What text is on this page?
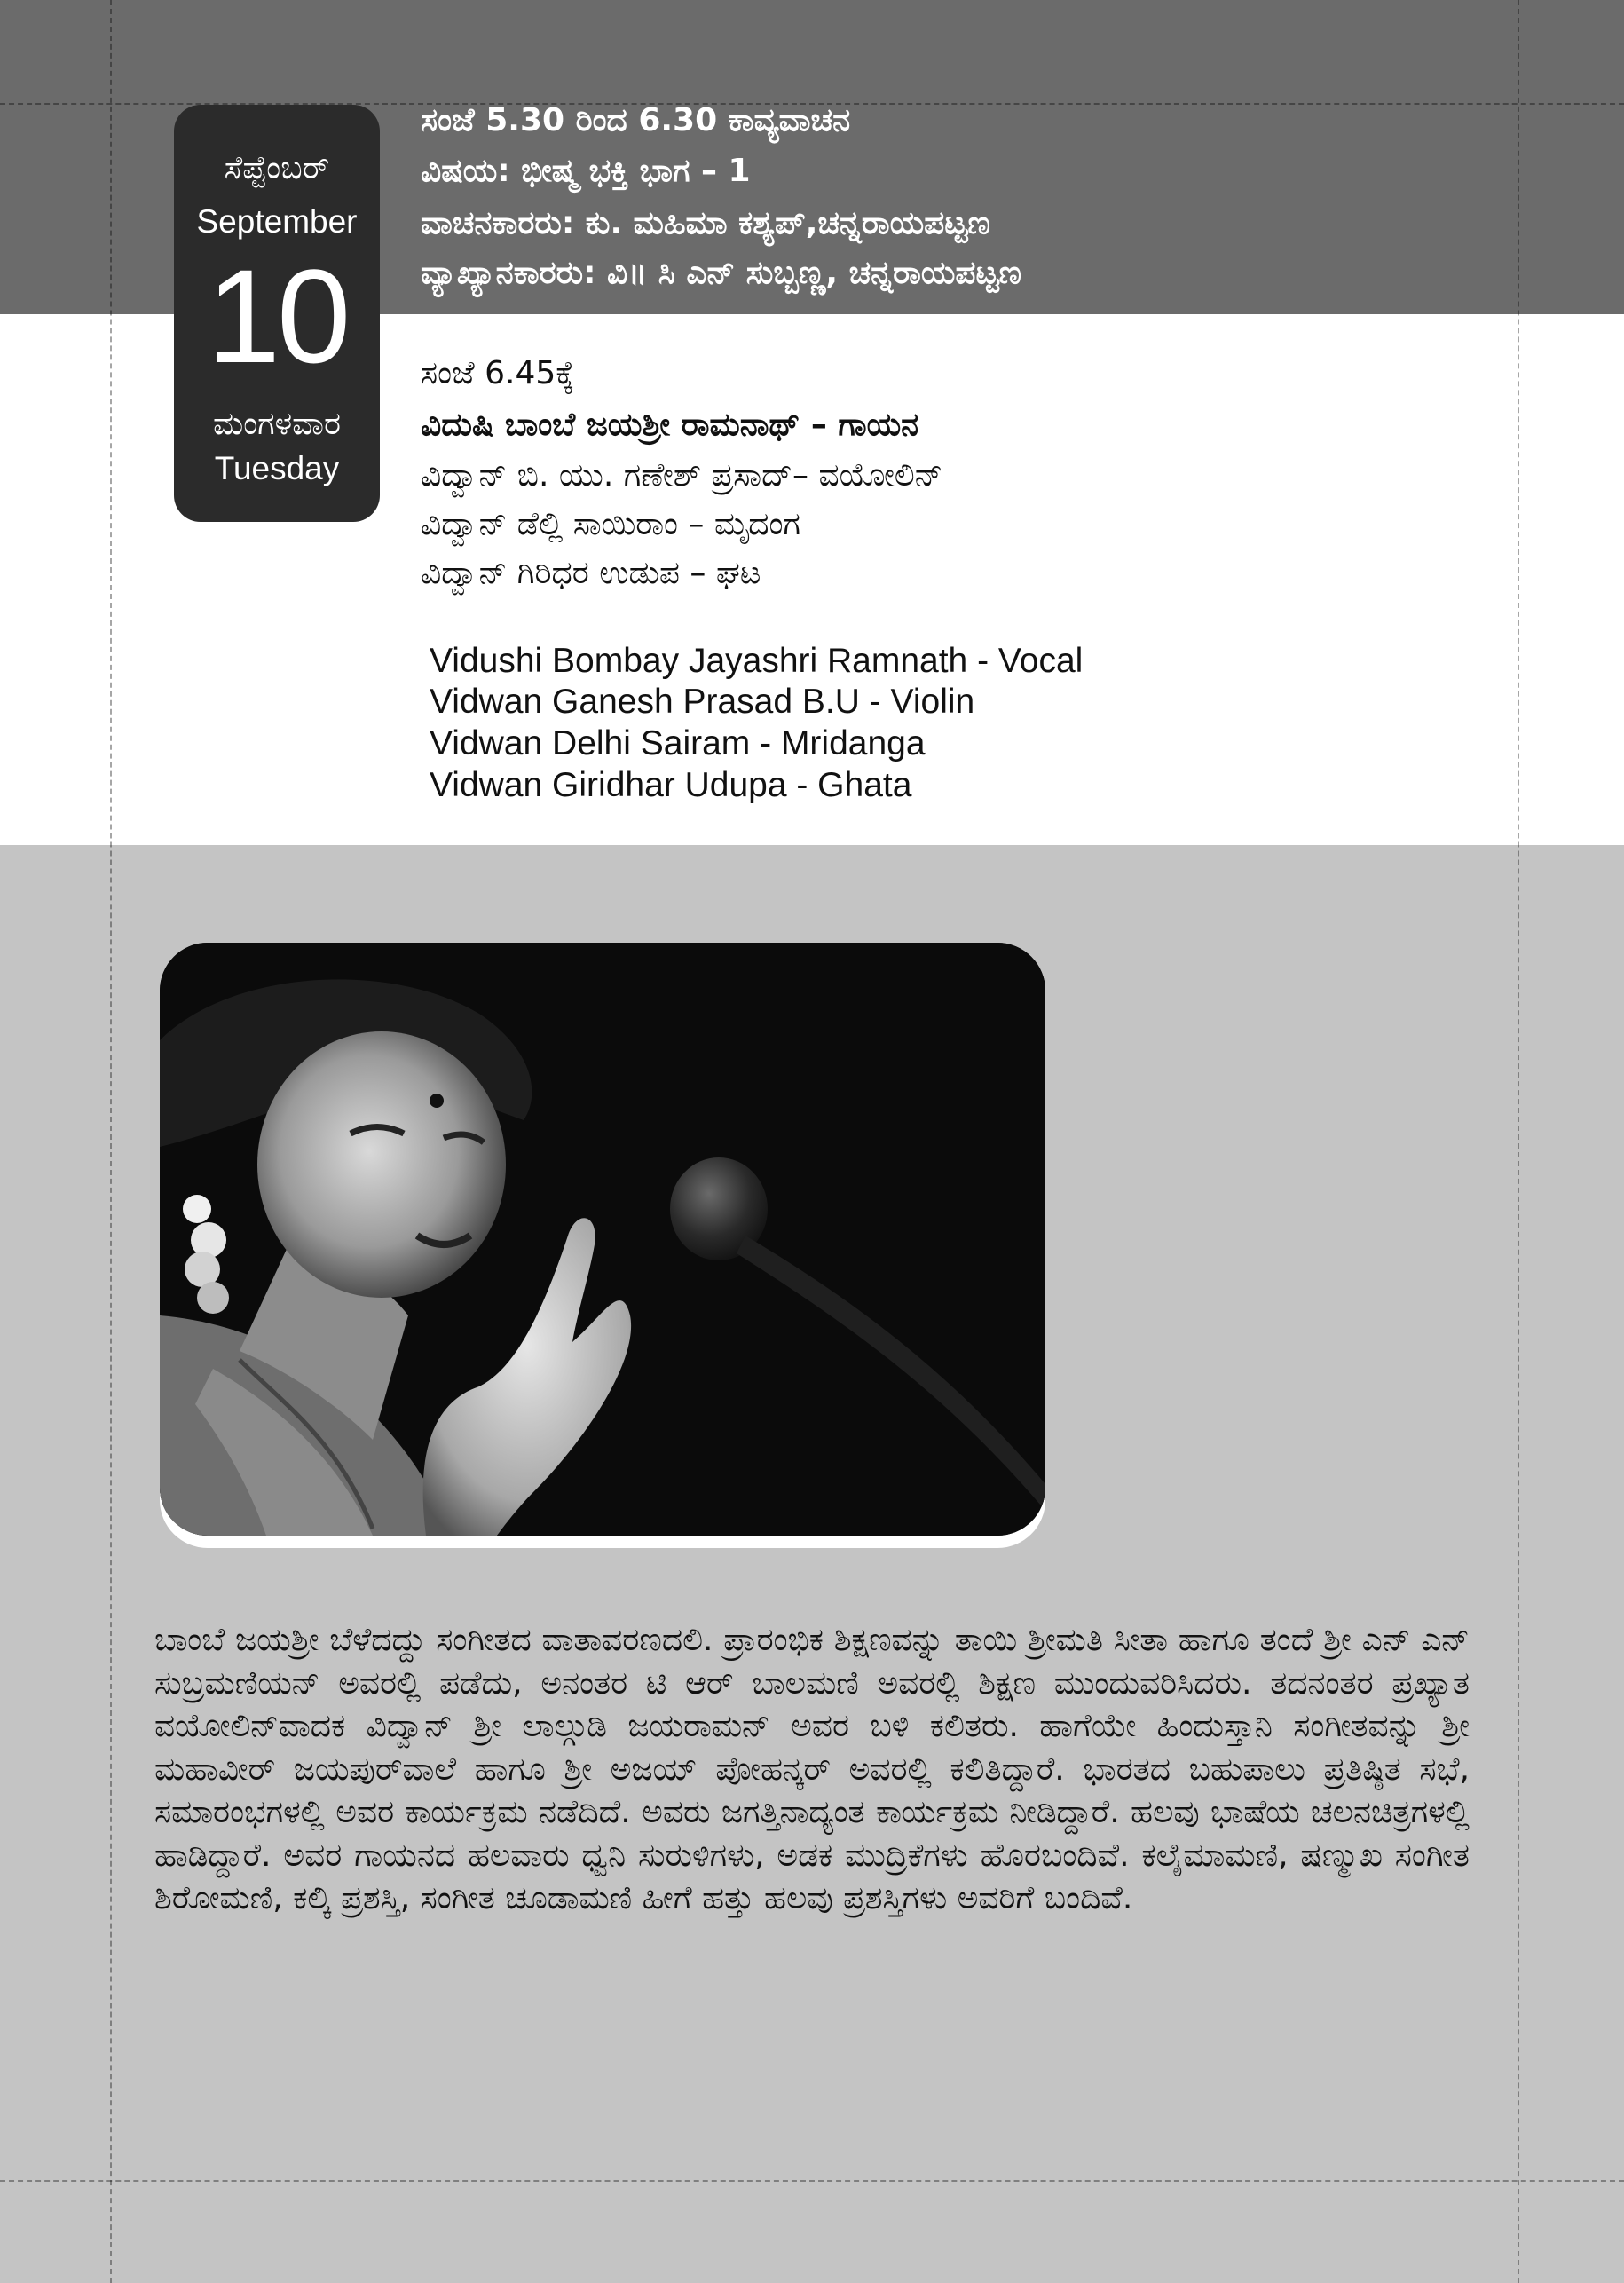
ಸೆಪ್ಟೆಂಬರ್
September
10
ಮಂಗಳವಾರ
Tuesday
ಸಂಜೆ 5.30 ರಿಂದ 6.30 ಕಾವ್ಯವಾಚನ
ವಿಷಯ: ಭೀಷ್ಮ ಭಕ್ತಿ ಭಾಗ – 1
ವಾಚನಕಾರರು: ಕು. ಮಹಿಮಾ ಕಶ್ಯಪ್,ಚನ್ನರಾಯಪಟ್ಟಣ
ವ್ಯಾಖ್ಯಾನಕಾರರು: ವಿ॥ ಸಿ ಎನ್ ಸುಬ್ಬಣ್ಣ, ಚನ್ನರಾಯಪಟ್ಟಣ
ಸಂಜೆ 6.45ಕ್ಕೆ
ವಿದುಷಿ ಬಾಂಬೆ ಜಯಶ್ರೀ ರಾಮನಾಥ್ – ಗಾಯನ
ವಿದ್ವಾನ್ ಬಿ. ಯು. ಗಣೇಶ್ ಪ್ರಸಾದ್– ವಯೋಲಿನ್
ವಿದ್ವಾನ್ ಡೆಲ್ಲಿ ಸಾಯಿರಾಂ – ಮೃದಂಗ
ವಿದ್ವಾನ್ ಗಿರಿಧರ ಉಡುಪ – ಘಟ
Vidushi Bombay Jayashri Ramnath - Vocal
Vidwan Ganesh Prasad B.U - Violin
Vidwan Delhi Sairam - Mridanga
Vidwan Giridhar Udupa - Ghata
ಬಾಂಬೆ ಜಯಶ್ರೀ ಬೆಳೆದದ್ದು ಸಂಗೀತದ ವಾತಾವರಣದಲಿ. ಪ್ರಾರಂಭಿಕ ಶಿಕ್ಷಣವನ್ನು ತಾಯಿ ಶ್ರೀಮತಿ ಸೀತಾ ಹಾಗೂ ತಂದೆ ಶ್ರೀ ಎನ್ ಎನ್ ಸುಬ್ರಮಣಿಯನ್ ಅವರಲ್ಲಿ ಪಡೆದು, ಅನಂತರ ಟಿ ಆರ್ ಬಾಲಮಣಿ ಅವರಲ್ಲಿ ಶಿಕ್ಷಣ ಮುಂದುವರಿಸಿದರು. ತದನಂತರ ಪ್ರಖ್ಯಾತ ವಯೋಲಿನ್‌ವಾದಕ ವಿದ್ವಾನ್ ಶ್ರೀ ಲಾಲ್ಗುಡಿ ಜಯರಾಮನ್ ಅವರ ಬಳಿ ಕಲಿತರು. ಹಾಗೆಯೇ ಹಿಂದುಸ್ತಾನಿ ಸಂಗೀತವನ್ನು ಶ್ರೀ ಮಹಾವೀರ್ ಜಯಪುರ್‌ವಾಲೆ ಹಾಗೂ ಶ್ರೀ ಅಜಯ್ ಪೋಹನ್ಕರ್ ಅವರಲ್ಲಿ ಕಲಿತಿದ್ದಾರೆ. ಭಾರತದ ಬಹುಪಾಲು ಪ್ರತಿಷ್ಠಿತ ಸಭೆ, ಸಮಾರಂಭಗಳಲ್ಲಿ ಅವರ ಕಾರ್ಯಕ್ರಮ ನಡೆದಿದೆ. ಅವರು ಜಗತ್ತಿನಾದ್ಯಂತ ಕಾರ್ಯಕ್ರಮ ನೀಡಿದ್ದಾರೆ. ಹಲವು ಭಾಷೆಯ ಚಲನಚಿತ್ರಗಳಲ್ಲಿ ಹಾಡಿದ್ದಾರೆ. ಅವರ ಗಾಯನದ ಹಲವಾರು ಧ್ವನಿ ಸುರುಳಿಗಳು, ಅಡಕ ಮುದ್ರಿಕೆಗಳು ಹೊರಬಂದಿವೆ. ಕಲೈಮಾಮಣಿ, ಷಣ್ಮುಖ ಸಂಗೀತ ಶಿರೋಮಣಿ, ಕಲ್ಕಿ ಪ್ರಶಸ್ತಿ, ಸಂಗೀತ ಚೂಡಾಮಣಿ ಹೀಗೆ ಹತ್ತು ಹಲವು ಪ್ರಶಸ್ತಿಗಳು ಅವರಿಗೆ ಬಂದಿವೆ.
